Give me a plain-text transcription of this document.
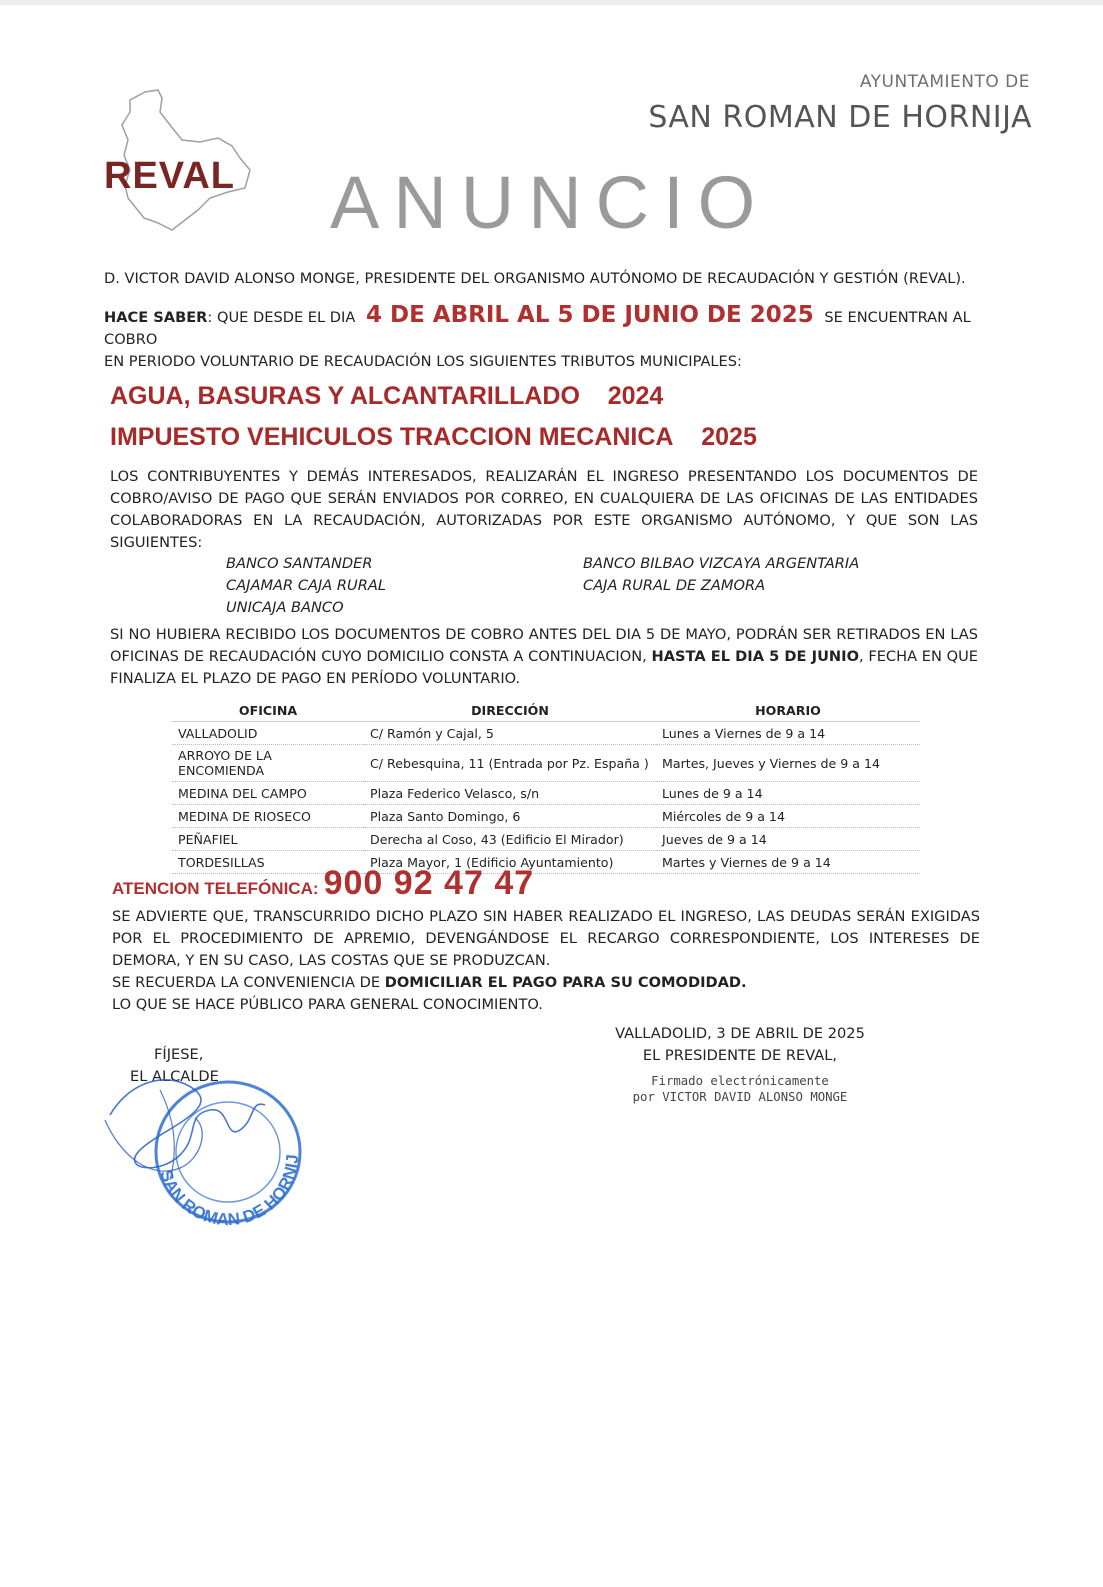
AYUNTAMIENTO DE
SAN ROMAN DE HORNIJA
REVAL ANUNCIO
D. VICTOR DAVID ALONSO MONGE, PRESIDENTE DEL ORGANISMO AUTÓNOMO DE RECAUDACIÓN Y GESTIÓN (REVAL).
HACE SABER: QUE DESDE EL DIA 4 DE ABRIL AL 5 DE JUNIO DE 2025 SE ENCUENTRAN AL COBRO
EN PERIODO VOLUNTARIO DE RECAUDACIÓN LOS SIGUIENTES TRIBUTOS MUNICIPALES:
AGUA, BASURAS Y ALCANTARILLADO 2024
IMPUESTO VEHICULOS TRACCION MECANICA 2025
LOS CONTRIBUYENTES Y DEMÁS INTERESADOS, REALIZARÁN EL INGRESO PRESENTANDO LOS DOCUMENTOS DE COBRO/AVISO DE PAGO QUE SERÁN ENVIADOS POR CORREO, EN CUALQUIERA DE LAS OFICINAS DE LAS ENTIDADES COLABORADORAS EN LA RECAUDACIÓN, AUTORIZADAS POR ESTE ORGANISMO AUTÓNOMO, Y QUE SON LAS SIGUIENTES:
BANCO SANTANDER
CAJAMAR CAJA RURAL
UNICAJA BANCO
BANCO BILBAO VIZCAYA ARGENTARIA
CAJA RURAL DE ZAMORA
SI NO HUBIERA RECIBIDO LOS DOCUMENTOS DE COBRO ANTES DEL DIA 5 DE MAYO, PODRÁN SER RETIRADOS EN LAS OFICINAS DE RECAUDACIÓN CUYO DOMICILIO CONSTA A CONTINUACION, HASTA EL DIA 5 DE JUNIO, FECHA EN QUE FINALIZA EL PLAZO DE PAGO EN PERÍODO VOLUNTARIO.
OFICINA	DIRECCIÓN	HORARIO
VALLADOLID	C/ Ramón y Cajal, 5	Lunes a Viernes de 9 a 14
ARROYO DE LA ENCOMIENDA	C/ Rebesquina, 11 (Entrada por Pz. España )	Martes, Jueves y Viernes de 9 a 14
MEDINA DEL CAMPO	Plaza Federico Velasco, s/n	Lunes de 9 a 14
MEDINA DE RIOSECO	Plaza Santo Domingo, 6	Miércoles de 9 a 14
PEÑAFIEL	Derecha al Coso, 43 (Edificio El Mirador)	Jueves de 9 a 14
TORDESILLAS	Plaza Mayor, 1 (Edificio Ayuntamiento)	Martes y Viernes de 9 a 14
ATENCION TELEFÓNICA: 900 92 47 47
SE ADVIERTE QUE, TRANSCURRIDO DICHO PLAZO SIN HABER REALIZADO EL INGRESO, LAS DEUDAS SERÁN EXIGIDAS POR EL PROCEDIMIENTO DE APREMIO, DEVENGÁNDOSE EL RECARGO CORRESPONDIENTE, LOS INTERESES DE DEMORA, Y EN SU CASO, LAS COSTAS QUE SE PRODUZCAN.
SE RECUERDA LA CONVENIENCIA DE DOMICILIAR EL PAGO PARA SU COMODIDAD.
LO QUE SE HACE PÚBLICO PARA GENERAL CONOCIMIENTO.
VALLADOLID, 3 DE ABRIL DE 2025
EL PRESIDENTE DE REVAL,
Firmado electrónicamente
por VICTOR DAVID ALONSO MONGE
FÍJESE,
EL ALCALDE
SAN ROMAN DE HORNIJ
